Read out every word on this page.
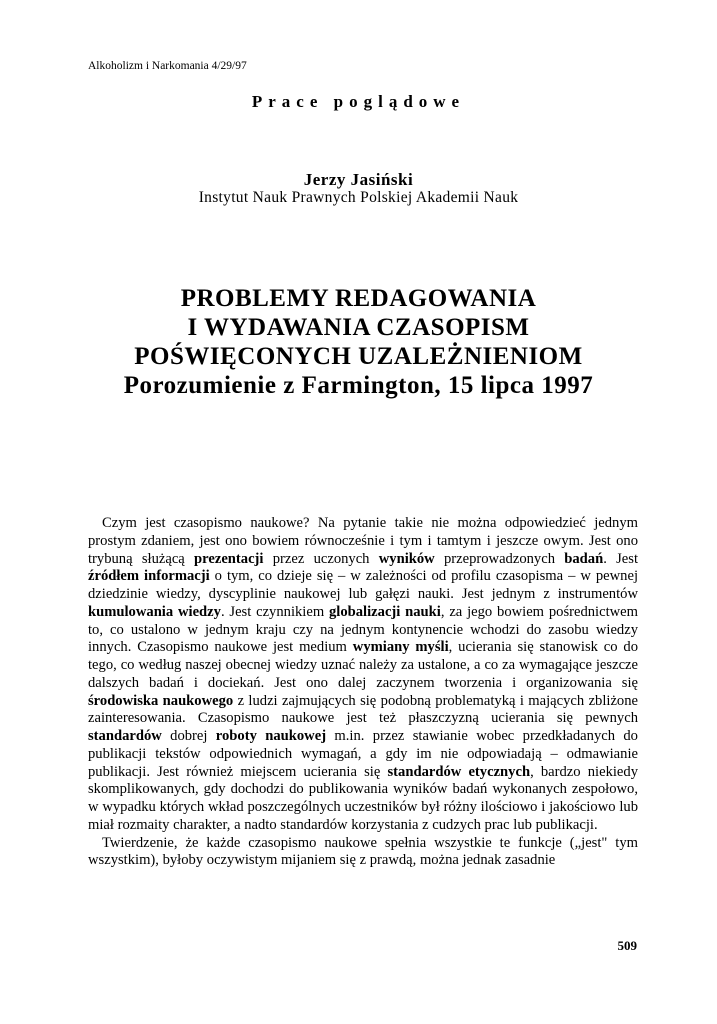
Alkoholizm i Narkomania 4/29/97
Prace poglądowe
Jerzy Jasiński
Instytut Nauk Prawnych Polskiej Akademii Nauk
PROBLEMY REDAGOWANIA
I WYDAWANIA CZASOPISM
POŚWIĘCONYCH UZALEŻNIENIOM
Porozumienie z Farmington, 15 lipca 1997

Czym jest czasopismo naukowe? Na pytanie takie nie można odpowiedzieć jednym prostym zdaniem, jest ono bowiem równocześnie i tym i tamtym i jeszcze owym. Jest ono trybuną służącą prezentacji przez uczonych wyników przeprowadzonych badań. Jest źródłem informacji o tym, co dzieje się – w zależności od profilu czasopisma – w pewnej dziedzinie wiedzy, dyscyplinie naukowej lub gałęzi nauki. Jest jednym z instrumentów kumulowania wiedzy. Jest czynnikiem globalizacji nauki, za jego bowiem pośrednictwem to, co ustalono w jednym kraju czy na jednym kontynencie wchodzi do zasobu wiedzy innych. Czasopismo naukowe jest medium wymiany myśli, ucierania się stanowisk co do tego, co według naszej obecnej wiedzy uznać należy za ustalone, a co za wymagające jeszcze dalszych badań i dociekań. Jest ono dalej zaczynem tworzenia i organizowania się środowiska naukowego z ludzi zajmujących się podobną problematyką i mających zbliżone zainteresowania. Czasopismo naukowe jest też płaszczyzną ucierania się pewnych standardów dobrej roboty naukowej m.in. przez stawianie wobec przedkładanych do publikacji tekstów odpowiednich wymagań, a gdy im nie odpowiadają – odmawianie publikacji. Jest również miejscem ucierania się standardów etycznych, bardzo niekiedy skomplikowanych, gdy dochodzi do publikowania wyników badań wykonanych zespołowo, w wypadku których wkład poszczególnych uczestników był różny ilościowo i jakościowo lub miał rozmaity charakter, a nadto standardów korzystania z cudzych prac lub publikacji.

Twierdzenie, że każde czasopismo naukowe spełnia wszystkie te funkcje („jest" tym wszystkim), byłoby oczywistym mijaniem się z prawdą, można jednak zasadnie

509
